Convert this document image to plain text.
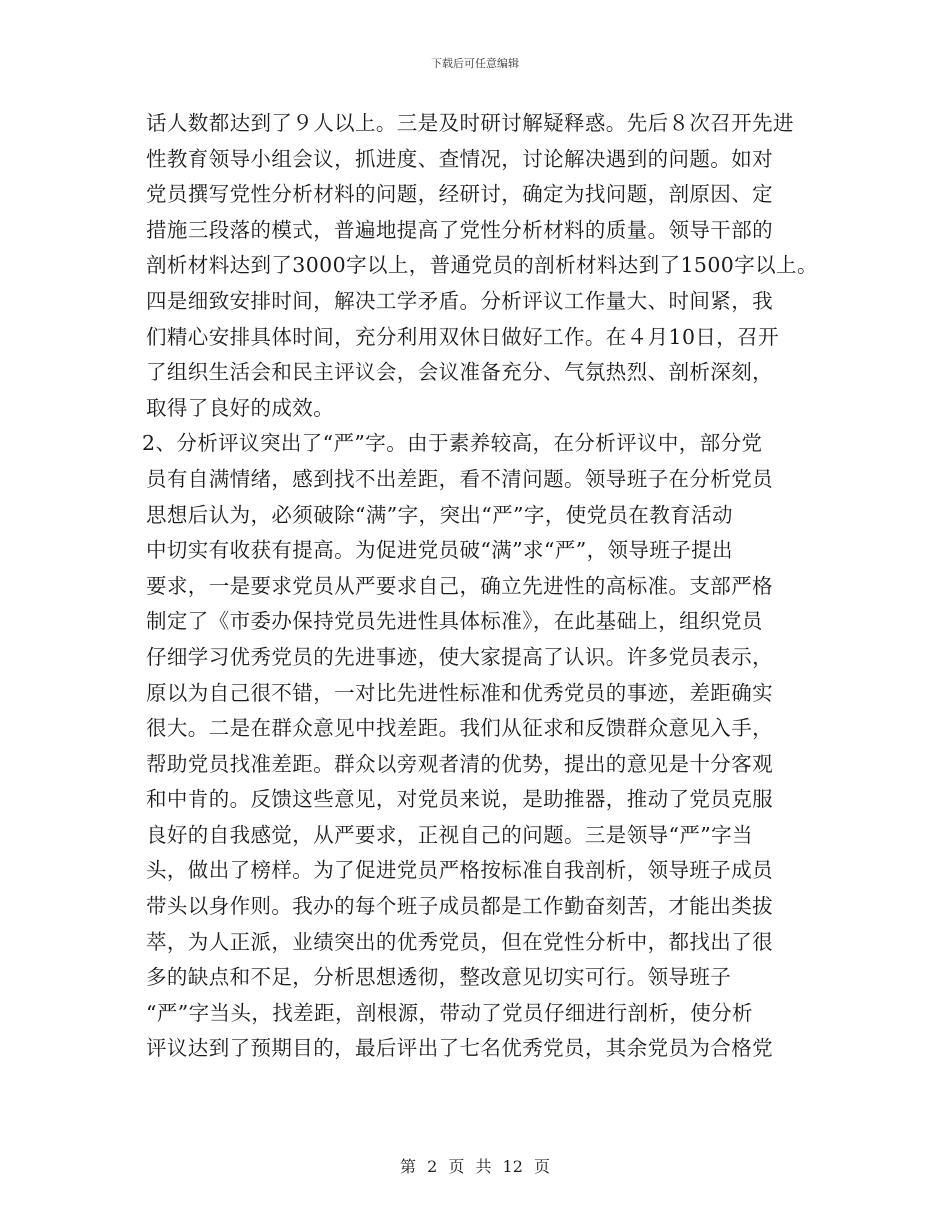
下载后可任意编辑
话人数都达到了９人以上。三是及时研讨解疑释惑。先后８次召开先进
性教育领导小组会议，抓进度、查情况，讨论解决遇到的问题。如对
党员撰写党性分析材料的问题，经研讨，确定为找问题，剖原因、定
措施三段落的模式，普遍地提高了党性分析材料的质量。领导干部的
剖析材料达到了3000字以上，普通党员的剖析材料达到了1500字以上。
四是细致安排时间，解决工学矛盾。分析评议工作量大、时间紧，我
们精心安排具体时间，充分利用双休日做好工作。在４月10日，召开
了组织生活会和民主评议会，会议准备充分、气氛热烈、剖析深刻，
取得了良好的成效。
2、分析评议突出了“严”字。由于素养较高，在分析评议中，部分党
员有自满情绪，感到找不出差距，看不清问题。领导班子在分析党员
思想后认为，必须破除“满”字，突出“严”字，使党员在教育活动
中切实有收获有提高。为促进党员破“满”求“严”，领导班子提出
要求，一是要求党员从严要求自己，确立先进性的高标准。支部严格
制定了《市委办保持党员先进性具体标准》，在此基础上，组织党员
仔细学习优秀党员的先进事迹，使大家提高了认识。许多党员表示，
原以为自己很不错，一对比先进性标准和优秀党员的事迹，差距确实
很大。二是在群众意见中找差距。我们从征求和反馈群众意见入手，
帮助党员找准差距。群众以旁观者清的优势，提出的意见是十分客观
和中肯的。反馈这些意见，对党员来说，是助推器，推动了党员克服
良好的自我感觉，从严要求，正视自己的问题。三是领导“严”字当
头，做出了榜样。为了促进党员严格按标准自我剖析，领导班子成员
带头以身作则。我办的每个班子成员都是工作勤奋刻苦，才能出类拔
萃，为人正派，业绩突出的优秀党员，但在党性分析中，都找出了很
多的缺点和不足，分析思想透彻，整改意见切实可行。领导班子
“严”字当头，找差距，剖根源，带动了党员仔细进行剖析，使分析
评议达到了预期目的，最后评出了七名优秀党员，其余党员为合格党
第 2 页 共 12 页
